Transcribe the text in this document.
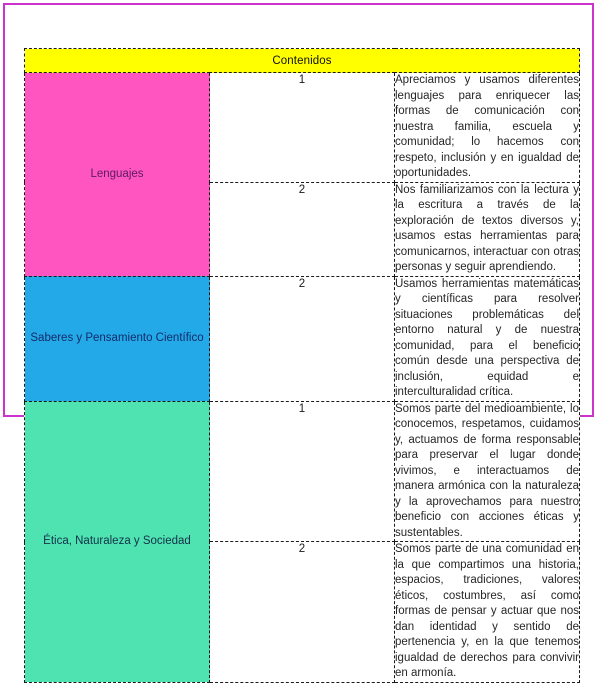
Contenidos		
Lenguajes	1	Apreciamos y usamos diferentes lenguajes para enriquecer las formas de comunicación con nuestra familia, escuela y comunidad; lo hacemos con respeto, inclusión y en igualdad de oportunidades.

	2	Nos familiarizamos con la lectura y la escritura a través de la exploración de textos diversos y, usamos estas herramientas para comunicarnos, interactuar con otras personas y seguir aprendiendo.

Saberes y Pensamiento Científico	2	Usamos herramientas matemáticas y científicas para resolver situaciones problemáticas del entorno natural y de nuestra comunidad, para el beneficio común desde una perspectiva de inclusión, equidad e interculturalidad crítica.

Ética, Naturaleza y Sociedad	1	Somos parte del medioambiente, lo conocemos, respetamos, cuidamos y, actuamos de forma responsable para preservar el lugar donde vivimos, e interactuamos de manera armónica con la naturaleza y la aprovechamos para nuestro beneficio con acciones éticas y sustentables.

	2	Somos parte de una comunidad en la que compartimos una historia, espacios, tradiciones, valores éticos, costumbres, así como formas de pensar y actuar que nos dan identidad y sentido de pertenencia y, en la que tenemos igualdad de derechos para convivir en armonía.
